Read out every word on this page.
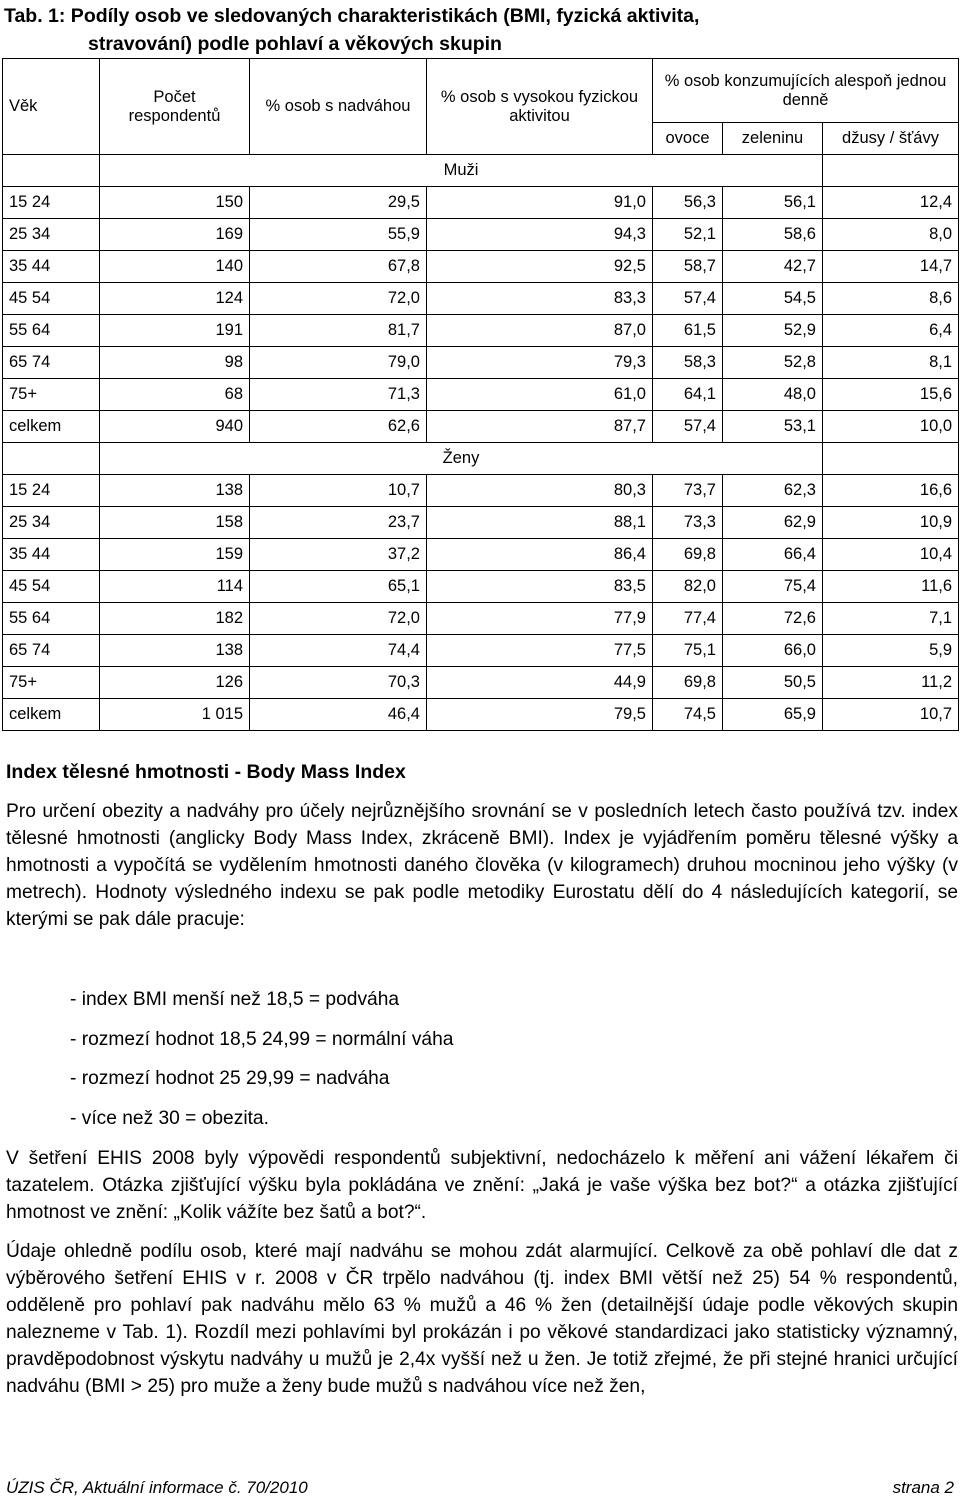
Tab. 1: Podíly osob ve sledovaných charakteristikách (BMI, fyzická aktivita,
stravování) podle pohlaví a věkových skupin
Věk	Počet respondentů	% osob s nadváhou	% osob s vysokou fyzickou aktivitou	% osob konzumujících alespoň jednou denně		
				ovoce	zeleninu	džusy / šťávy
	Muži					
15 24	150	29,5	91,0	56,3	56,1	12,4
25 34	169	55,9	94,3	52,1	58,6	8,0
35 44	140	67,8	92,5	58,7	42,7	14,7
45 54	124	72,0	83,3	57,4	54,5	8,6
55 64	191	81,7	87,0	61,5	52,9	6,4
65 74	98	79,0	79,3	58,3	52,8	8,1
75+	68	71,3	61,0	64,1	48,0	15,6
celkem	940	62,6	87,7	57,4	53,1	10,0
	Ženy					
15 24	138	10,7	80,3	73,7	62,3	16,6
25 34	158	23,7	88,1	73,3	62,9	10,9
35 44	159	37,2	86,4	69,8	66,4	10,4
45 54	114	65,1	83,5	82,0	75,4	11,6
55 64	182	72,0	77,9	77,4	72,6	7,1
65 74	138	74,4	77,5	75,1	66,0	5,9
75+	126	70,3	44,9	69,8	50,5	11,2
celkem	1 015	46,4	79,5	74,5	65,9	10,7
Index tělesné hmotnosti - Body Mass Index
Pro určení obezity a nadváhy pro účely nejrůznějšího srovnání se v posledních letech často používá tzv. index tělesné hmotnosti (anglicky Body Mass Index, zkráceně BMI). Index je vyjádřením poměru tělesné výšky a hmotnosti a vypočítá se vydělením hmotnosti daného člověka (v kilogramech) druhou mocninou jeho výšky (v metrech). Hodnoty výsledného indexu se pak podle metodiky Eurostatu dělí do 4 následujících kategorií, se kterými se pak dále pracuje:
- index BMI menší než 18,5 = podváha
- rozmezí hodnot 18,5 24,99 = normální váha
- rozmezí hodnot 25 29,99 = nadváha
- více než 30 = obezita.
V šetření EHIS 2008 byly výpovědi respondentů subjektivní, nedocházelo k měření ani vážení lékařem či tazatelem. Otázka zjišťující výšku byla pokládána ve znění: „Jaká je vaše výška bez bot?“ a otázka zjišťující hmotnost ve znění: „Kolik vážíte bez šatů a bot?“.
Údaje ohledně podílu osob, které mají nadváhu se mohou zdát alarmující. Celkově za obě pohlaví dle dat z výběrového šetření EHIS v r. 2008 v ČR trpělo nadváhou (tj. index BMI větší než 25) 54 % respondentů, odděleně pro pohlaví pak nadváhu mělo 63 % mužů a 46 % žen (detailnější údaje podle věkových skupin nalezneme v Tab. 1). Rozdíl mezi pohlavími byl prokázán i po věkové standardizaci jako statisticky významný, pravděpodobnost výskytu nadváhy u mužů je 2,4x vyšší než u žen. Je totiž zřejmé, že při stejné hranici určující nadváhu (BMI > 25) pro muže a ženy bude mužů s nadváhou více než žen,
ÚZIS ČR, Aktuální informace č. 70/2010	strana 2
